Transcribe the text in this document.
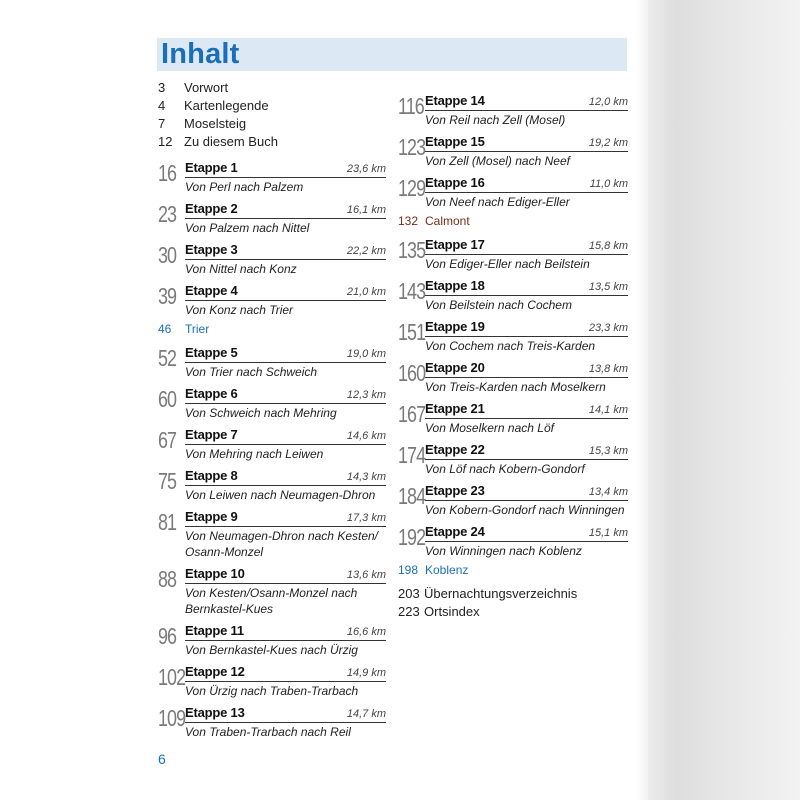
Inhalt
3	Vorwort
4	Kartenlegende
7	Moselsteig
12 Zu diesem Buch
16 Etappe 1	23,6 km
Von Perl nach Palzem
23 Etappe 2	16,1 km
Von Palzem nach Nittel
30 Etappe 3	22,2 km
Von Nittel nach Konz
39 Etappe 4	21,0 km
Von Konz nach Trier
46	Trier
52 Etappe 5	19,0 km
Von Trier nach Schweich
60 Etappe 6	12,3 km
Von Schweich nach Mehring
67 Etappe 7	14,6 km
Von Mehring nach Leiwen
75 Etappe 8	14,3 km
Von Leiwen nach Neumagen-Dhron
81 Etappe 9	17,3 km
Von Neumagen-Dhron nach Kesten/
Osann-Monzel
88 Etappe 10	13,6 km
Von Kesten/Osann-Monzel nach
Bernkastel-Kues
96 Etappe 11	16,6 km
Von Bernkastel-Kues nach Ürzig
102 Etappe 12	14,9 km
Von Ürzig nach Traben-Trarbach
109 Etappe 13	14,7 km
Von Traben-Trarbach nach Reil
116 Etappe 14	12,0 km
Von Reil nach Zell (Mosel)
123 Etappe 15	19,2 km
Von Zell (Mosel) nach Neef
129 Etappe 16	11,0 km
Von Neef nach Ediger-Eller
132 Calmont
135 Etappe 17	15,8 km
Von Ediger-Eller nach Beilstein
143 Etappe 18	13,5 km
Von Beilstein nach Cochem
151 Etappe 19	23,3 km
Von Cochem nach Treis-Karden
160 Etappe 20	13,8 km
Von Treis-Karden nach Moselkern
167 Etappe 21	14,1 km
Von Moselkern nach Löf
174 Etappe 22	15,3 km
Von Löf nach Kobern-Gondorf
184 Etappe 23	13,4 km
Von Kobern-Gondorf nach Winningen
192 Etappe 24	15,1 km
Von Winningen nach Koblenz
198 Koblenz
203 Übernachtungsverzeichnis
223 Ortsindex
6
